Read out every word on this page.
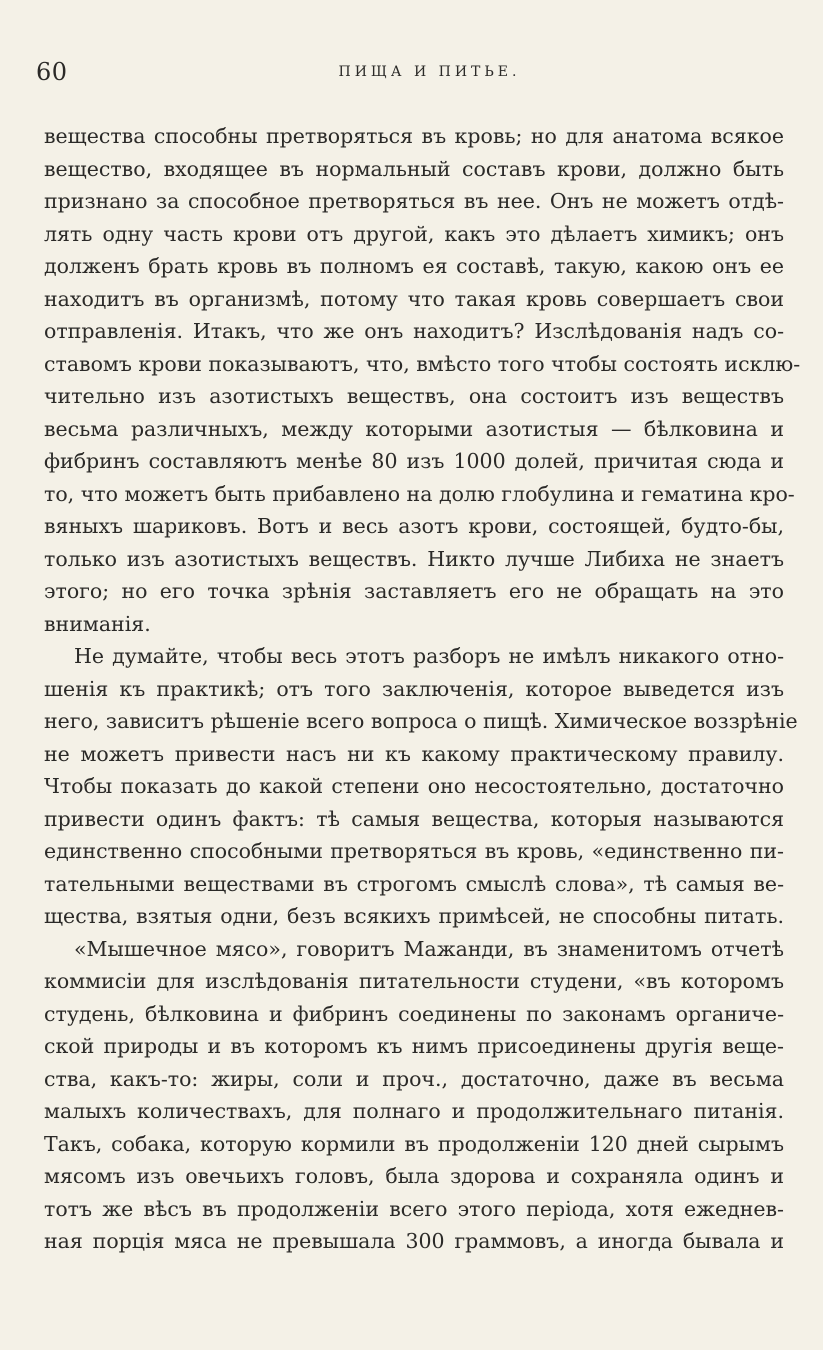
60	ПИЩА И ПИТЬЕ.
вещества способны претворяться въ кровь; но для анатома всякое
вещество, входящее въ нормальный составъ крови, должно быть
признано за способное претворяться въ нее. Онъ не можетъ отдѣ-
лять одну часть крови отъ другой, какъ это дѣлаетъ химикъ; онъ
долженъ брать кровь въ полномъ ея составѣ, такую, какою онъ ее
находитъ въ организмѣ, потому что такая кровь совершаетъ свои
отправленія. Итакъ, что же онъ находитъ? Изслѣдованія надъ со-
ставомъ крови показываютъ, что, вмѣсто того чтобы состоять исклю-
чительно изъ азотистыхъ веществъ, она состоитъ изъ веществъ
весьма различныхъ, между которыми азотистыя — бѣлковина и
фибринъ составляютъ менѣе 80 изъ 1000 долей, причитая сюда и
то, что можетъ быть прибавлено на долю глобулина и гематина кро-
вяныхъ шариковъ. Вотъ и весь азотъ крови, состоящей, будто-бы,
только изъ азотистыхъ веществъ. Никто лучше Либиха не знаетъ
этого; но его точка зрѣнія заставляетъ его не обращать на это
вниманія.
Не думайте, чтобы весь этотъ разборъ не имѣлъ никакого отно-
шенія къ практикѣ; отъ того заключенія, которое выведется изъ
него, зависитъ рѣшеніе всего вопроса о пищѣ. Химическое воззрѣніе
не можетъ привести насъ ни къ какому практическому правилу.
Чтобы показать до какой степени оно несостоятельно, достаточно
привести одинъ фактъ: тѣ самыя вещества, которыя называются
единственно способными претворяться въ кровь, «единственно пи-
тательными веществами въ строгомъ смыслѣ слова», тѣ самыя ве-
щества, взятыя одни, безъ всякихъ примѣсей, не способны питать.
«Мышечное мясо», говоритъ Мажанди, въ знаменитомъ отчетѣ
коммисіи для изслѣдованія питательности студени, «въ которомъ
студень, бѣлковина и фибринъ соединены по законамъ органиче-
ской природы и въ которомъ къ нимъ присоединены другія веще-
ства, какъ-то: жиры, соли и проч., достаточно, даже въ весьма
малыхъ количествахъ, для полнаго и продолжительнаго питанія.
Такъ, собака, которую кормили въ продолженіи 120 дней сырымъ
мясомъ изъ овечьихъ головъ, была здорова и сохраняла одинъ и
тотъ же вѣсъ въ продолженіи всего этого періода, хотя ежеднев-
ная порція мяса не превышала 300 граммовъ, а иногда бывала и
